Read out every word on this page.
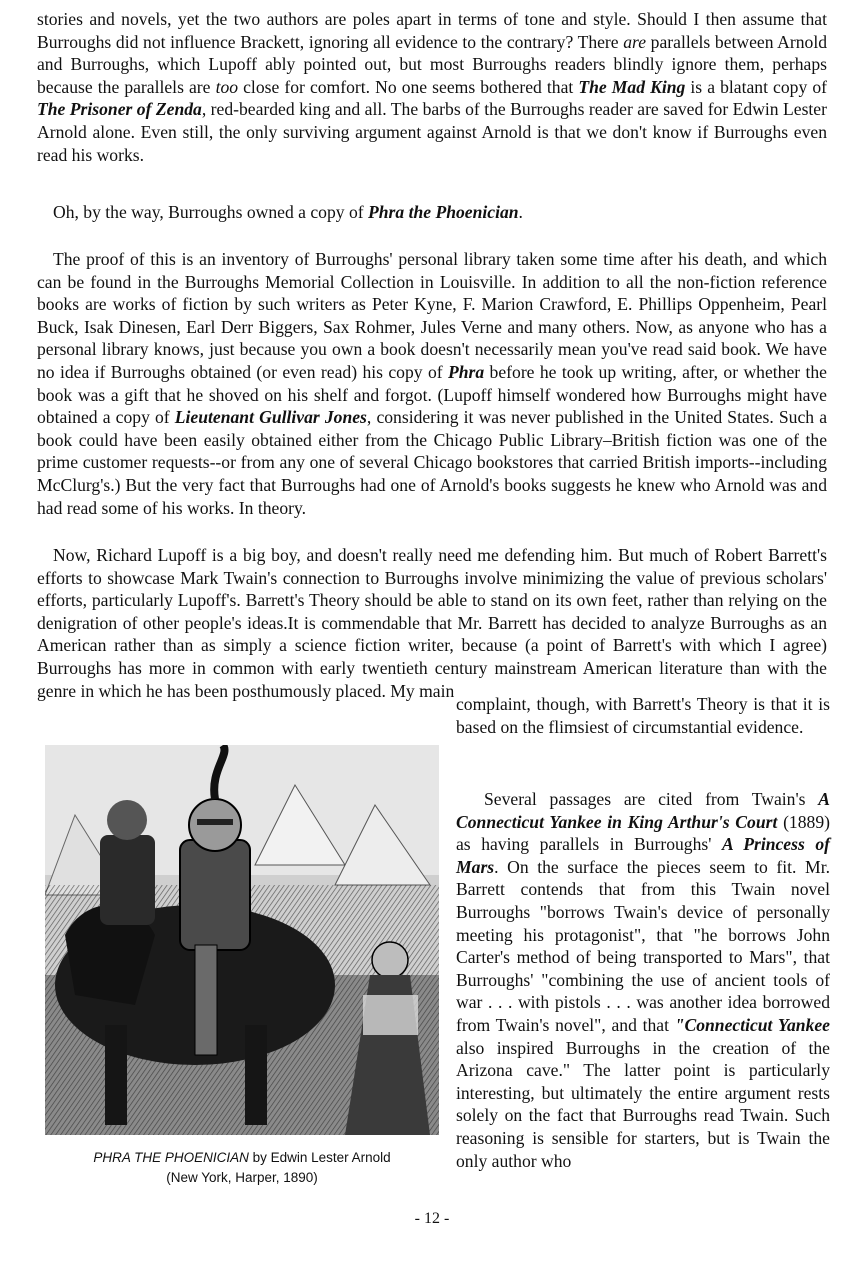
stories and novels, yet the two authors are poles apart in terms of tone and style. Should I then assume that Burroughs did not influence Brackett, ignoring all evidence to the contrary? There are parallels between Arnold and Burroughs, which Lupoff ably pointed out, but most Burroughs readers blindly ignore them, perhaps because the parallels are too close for comfort. No one seems bothered that The Mad King is a blatant copy of The Prisoner of Zenda, red-bearded king and all. The barbs of the Burroughs reader are saved for Edwin Lester Arnold alone. Even still, the only surviving argument against Arnold is that we don't know if Burroughs even read his works.

Oh, by the way, Burroughs owned a copy of Phra the Phoenician.

The proof of this is an inventory of Burroughs' personal library taken some time after his death, and which can be found in the Burroughs Memorial Collection in Louisville. In addition to all the non-fiction reference books are works of fiction by such writers as Peter Kyne, F. Marion Crawford, E. Phillips Oppenheim, Pearl Buck, Isak Dinesen, Earl Derr Biggers, Sax Rohmer, Jules Verne and many others. Now, as anyone who has a personal library knows, just because you own a book doesn't necessarily mean you've read said book. We have no idea if Burroughs obtained (or even read) his copy of Phra before he took up writing, after, or whether the book was a gift that he shoved on his shelf and forgot. (Lupoff himself wondered how Burroughs might have obtained a copy of Lieutenant Gullivar Jones, considering it was never published in the United States. Such a book could have been easily obtained either from the Chicago Public Library–British fiction was one of the prime customer requests--or from any one of several Chicago bookstores that carried British imports--including McClurg's.) But the very fact that Burroughs had one of Arnold's books suggests he knew who Arnold was and had read some of his works. In theory.

Now, Richard Lupoff is a big boy, and doesn't really need me defending him. But much of Robert Barrett's efforts to showcase Mark Twain's connection to Burroughs involve minimizing the value of previous scholars' efforts, particularly Lupoff's. Barrett's Theory should be able to stand on its own feet, rather than relying on the denigration of other people's ideas.It is commendable that Mr. Barrett has decided to analyze Burroughs as an American rather than as simply a science fiction writer, because (a point of Barrett's with which I agree) Burroughs has more in common with early twentieth century mainstream American literature than with the genre in which he has been posthumously placed. My main

complaint, though, with Barrett's Theory is that it is based on the flimsiest of circumstantial evidence.

Several passages are cited from Twain's A Connecticut Yankee in King Arthur's Court (1889) as having parallels in Burroughs' A Princess of Mars. On the surface the pieces seem to fit. Mr. Barrett contends that from this Twain novel Burroughs "borrows Twain's device of personally meeting his protagonist", that "he borrows John Carter's method of being transported to Mars", that Burroughs' "combining the use of ancient tools of war . . . with pistols . . . was another idea borrowed from Twain's novel", and that "Connecticut Yankee also inspired Burroughs in the creation of the Arizona cave." The latter point is particularly interesting, but ultimately the entire argument rests solely on the fact that Burroughs read Twain. Such reasoning is sensible for starters, but is Twain the only author who

PHRA THE PHOENICIAN by Edwin Lester Arnold
(New York, Harper, 1890)
- 12 -
